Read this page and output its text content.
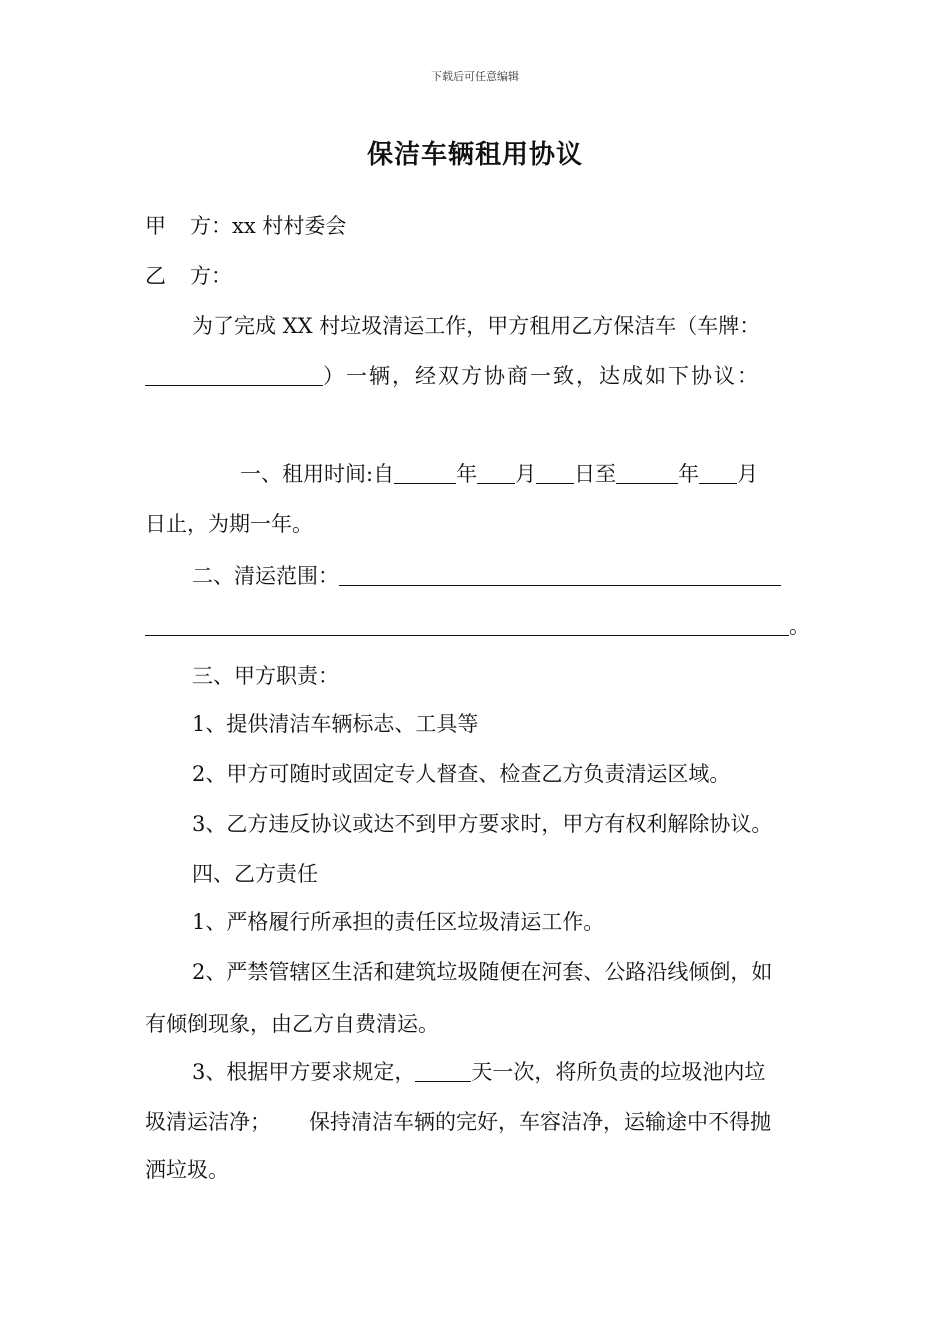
下载后可任意编辑
保洁车辆租用协议
甲 方：xx 村村委会
乙 方：
为了完成 XX 村垃圾清运工作，甲方租用乙方保洁车（车牌：
）一辆，经双方协商一致，达成如下协议：
一、租用时间:自	年 月 日至	年 月
日止，为期一年。
二、清运范围：
。
三、甲方职责：
1、提供清洁车辆标志、工具等
2、甲方可随时或固定专人督查、检查乙方负责清运区域。
3、乙方违反协议或达不到甲方要求时，甲方有权利解除协议。
四、乙方责任
1、严格履行所承担的责任区垃圾清运工作。
2、严禁管辖区生活和建筑垃圾随便在河套、公路沿线倾倒，如
有倾倒现象，由乙方自费清运。
3、根据甲方要求规定，	天一次，将所负责的垃圾池内垃
圾清运洁净； 保持清洁车辆的完好，车容洁净，运输途中不得抛
洒垃圾。
